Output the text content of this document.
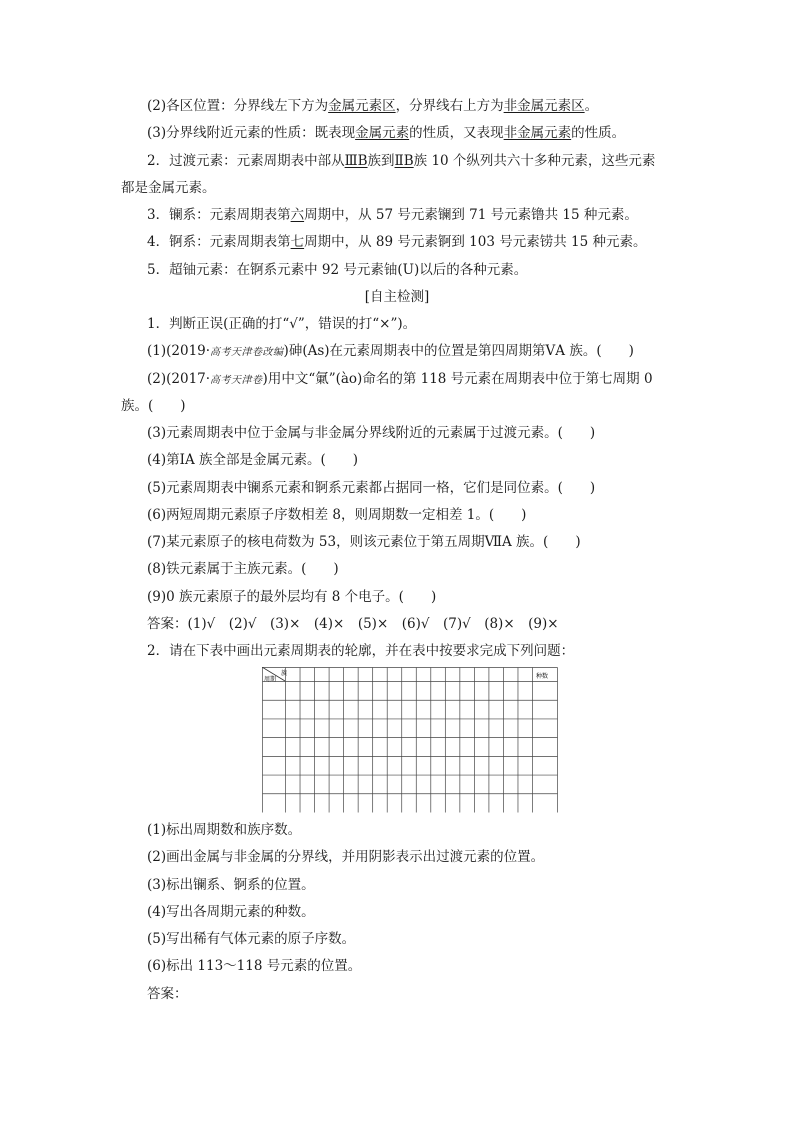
(2)各区位置：分界线左下方为金属元素区，分界线右上方为非金属元素区。
(3)分界线附近元素的性质：既表现金属元素的性质，又表现非金属元素的性质。
2．过渡元素：元素周期表中部从ⅢB族到ⅡB族 10 个纵列共六十多种元素，这些元素
都是金属元素。
3．镧系：元素周期表第六周期中，从 57 号元素镧到 71 号元素镥共 15 种元素。
4．锕系：元素周期表第七周期中，从 89 号元素锕到 103 号元素铹共 15 种元素。
5．超铀元素：在锕系元素中 92 号元素铀(U)以后的各种元素。
[自主检测]
1．判断正误(正确的打“√”，错误的打“×”)。
(1)(2019·高考天津卷改编)砷(As)在元素周期表中的位置是第四周期第ⅤA 族。(　　)
(2)(2017·高考天津卷)用中文“氭”(ào)命名的第 118 号元素在周期表中位于第七周期 0
族。(　　)
(3)元素周期表中位于金属与非金属分界线附近的元素属于过渡元素。(　　)
(4)第ⅠA 族全部是金属元素。(　　)
(5)元素周期表中镧系元素和锕系元素都占据同一格，它们是同位素。(　　)
(6)两短周期元素原子序数相差 8，则周期数一定相差 1。(　　)
(7)某元素原子的核电荷数为 53，则该元素位于第五周期ⅦA 族。(　　)
(8)铁元素属于主族元素。(　　)
(9)0 族元素原子的最外层均有 8 个电子。(　　)
答案：(1)√　(2)√　(3)×　(4)×　(5)×　(6)√　(7)√　(8)×　(9)×
2．请在下表中画出元素周期表的轮廓，并在表中按要求完成下列问题：
族
周期	种数
(1)标出周期数和族序数。
(2)画出金属与非金属的分界线，并用阴影表示出过渡元素的位置。
(3)标出镧系、锕系的位置。
(4)写出各周期元素的种数。
(5)写出稀有气体元素的原子序数。
(6)标出 113～118 号元素的位置。
答案：
